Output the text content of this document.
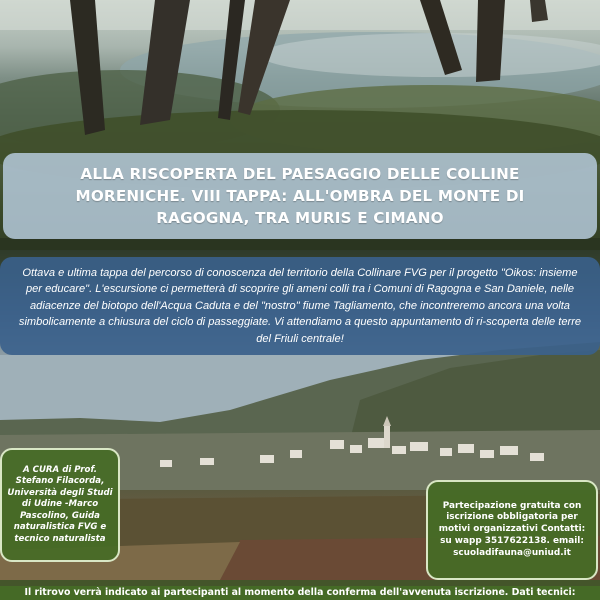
ALLA RISCOPERTA DEL PAESAGGIO DELLE COLLINE MORENICHE. VIII TAPPA: ALL'OMBRA DEL MONTE DI RAGOGNA, TRA MURIS E CIMANO

Ottava e ultima tappa del percorso di conoscenza del territorio della Collinare FVG per il progetto "Oikos: insieme per educare". L'escursione ci permetterà di scoprire gli ameni colli tra i Comuni di Ragogna e San Daniele, nelle adiacenze del biotopo dell'Acqua Caduta e del "nostro" fiume Tagliamento, che incontreremo ancora una volta simbolicamente a chiusura del ciclo di passeggiate. Vi attendiamo a questo appuntamento di ri-scoperta delle terre del Friuli centrale!

A CURA di Prof. Stefano Filacorda, Università degli Studi di Udine -Marco Pascolino, Guida naturalistica FVG e tecnico naturalista

Partecipazione gratuita con iscrizione obbligatoria per motivi organizzativi Contatti: su wapp 3517622138. email: scuoladifauna@uniud.it

Il ritrovo verrà indicato ai partecipanti al momento della conferma dell'avvenuta iscrizione. Dati tecnici:
